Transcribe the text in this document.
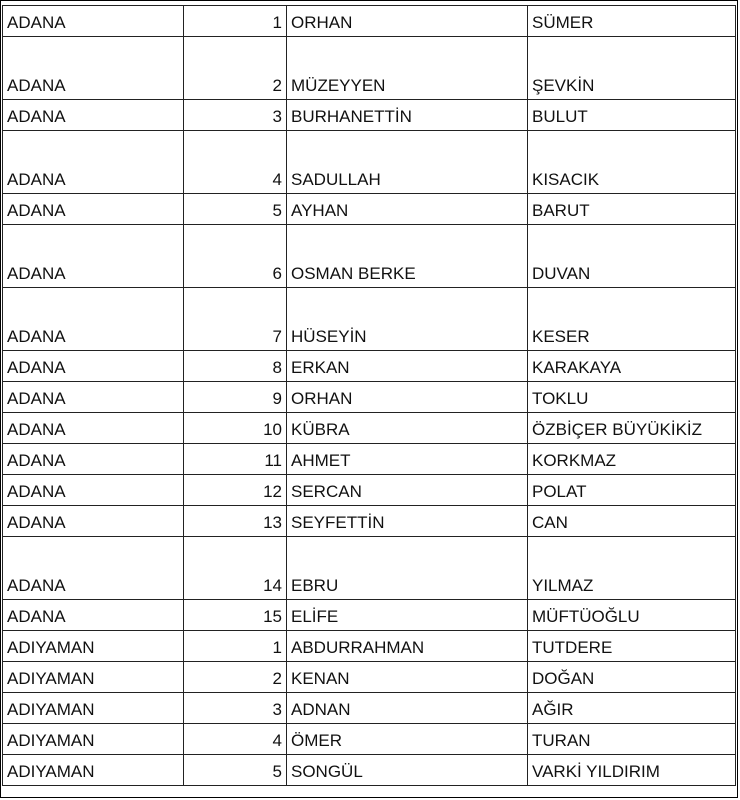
ADANA	1	ORHAN	SÜMER
ADANA	2	MÜZEYYEN	ŞEVKİN
ADANA	3	BURHANETTİN	BULUT
ADANA	4	SADULLAH	KISACIK
ADANA	5	AYHAN	BARUT
ADANA	6	OSMAN BERKE	DUVAN
ADANA	7	HÜSEYİN	KESER
ADANA	8	ERKAN	KARAKAYA
ADANA	9	ORHAN	TOKLU
ADANA	10	KÜBRA	ÖZBİÇER BÜYÜKİKİZ
ADANA	11	AHMET	KORKMAZ
ADANA	12	SERCAN	POLAT
ADANA	13	SEYFETTİN	CAN
ADANA	14	EBRU	YILMAZ
ADANA	15	ELİFE	MÜFTÜOĞLU
ADIYAMAN	1	ABDURRAHMAN	TUTDERE
ADIYAMAN	2	KENAN	DOĞAN
ADIYAMAN	3	ADNAN	AĞIR
ADIYAMAN	4	ÖMER	TURAN
ADIYAMAN	5	SONGÜL	VARKİ YILDIRIM
